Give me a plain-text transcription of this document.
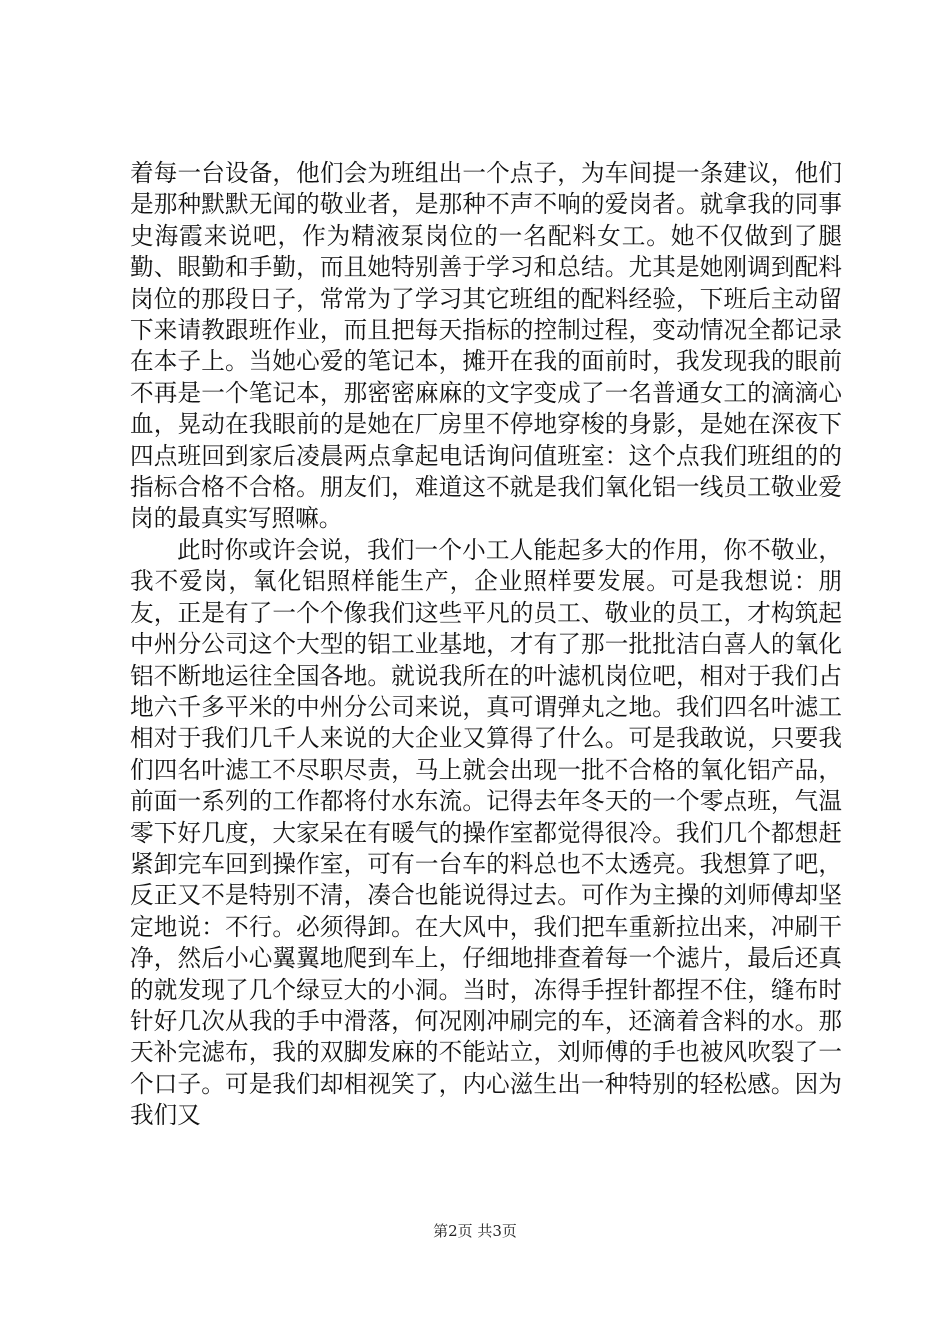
着每一台设备，他们会为班组出一个点子，为车间提一条建议，他们是那种默默无闻的敬业者，是那种不声不响的爱岗者。就拿我的同事史海霞来说吧，作为精液泵岗位的一名配料女工。她不仅做到了腿勤、眼勤和手勤，而且她特别善于学习和总结。尤其是她刚调到配料岗位的那段日子，常常为了学习其它班组的配料经验，下班后主动留下来请教跟班作业，而且把每天指标的控制过程，变动情况全都记录在本子上。当她心爱的笔记本，摊开在我的面前时，我发现我的眼前不再是一个笔记本，那密密麻麻的文字变成了一名普通女工的滴滴心血，晃动在我眼前的是她在厂房里不停地穿梭的身影，是她在深夜下四点班回到家后凌晨两点拿起电话询问值班室：这个点我们班组的的指标合格不合格。朋友们，难道这不就是我们氧化铝一线员工敬业爱岗的最真实写照嘛。

此时你或许会说，我们一个小工人能起多大的作用，你不敬业，我不爱岗，氧化铝照样能生产，企业照样要发展。可是我想说：朋友，正是有了一个个像我们这些平凡的员工、敬业的员工，才构筑起中州分公司这个大型的铝工业基地，才有了那一批批洁白喜人的氧化铝不断地运往全国各地。就说我所在的叶滤机岗位吧，相对于我们占地六千多平米的中州分公司来说，真可谓弹丸之地。我们四名叶滤工相对于我们几千人来说的大企业又算得了什么。可是我敢说，只要我们四名叶滤工不尽职尽责，马上就会出现一批不合格的氧化铝产品，前面一系列的工作都将付水东流。记得去年冬天的一个零点班，气温零下好几度，大家呆在有暖气的操作室都觉得很冷。我们几个都想赶紧卸完车回到操作室，可有一台车的料总也不太透亮。我想算了吧，反正又不是特别不清，凑合也能说得过去。可作为主操的刘师傅却坚定地说：不行。必须得卸。在大风中，我们把车重新拉出来，冲刷干净，然后小心翼翼地爬到车上，仔细地排查着每一个滤片，最后还真的就发现了几个绿豆大的小洞。当时，冻得手捏针都捏不住，缝布时针好几次从我的手中滑落，何况刚冲刷完的车，还滴着含料的水。那天补完滤布，我的双脚发麻的不能站立，刘师傅的手也被风吹裂了一个口子。可是我们却相视笑了，内心滋生出一种特别的轻松感。因为我们又

第2页 共3页
